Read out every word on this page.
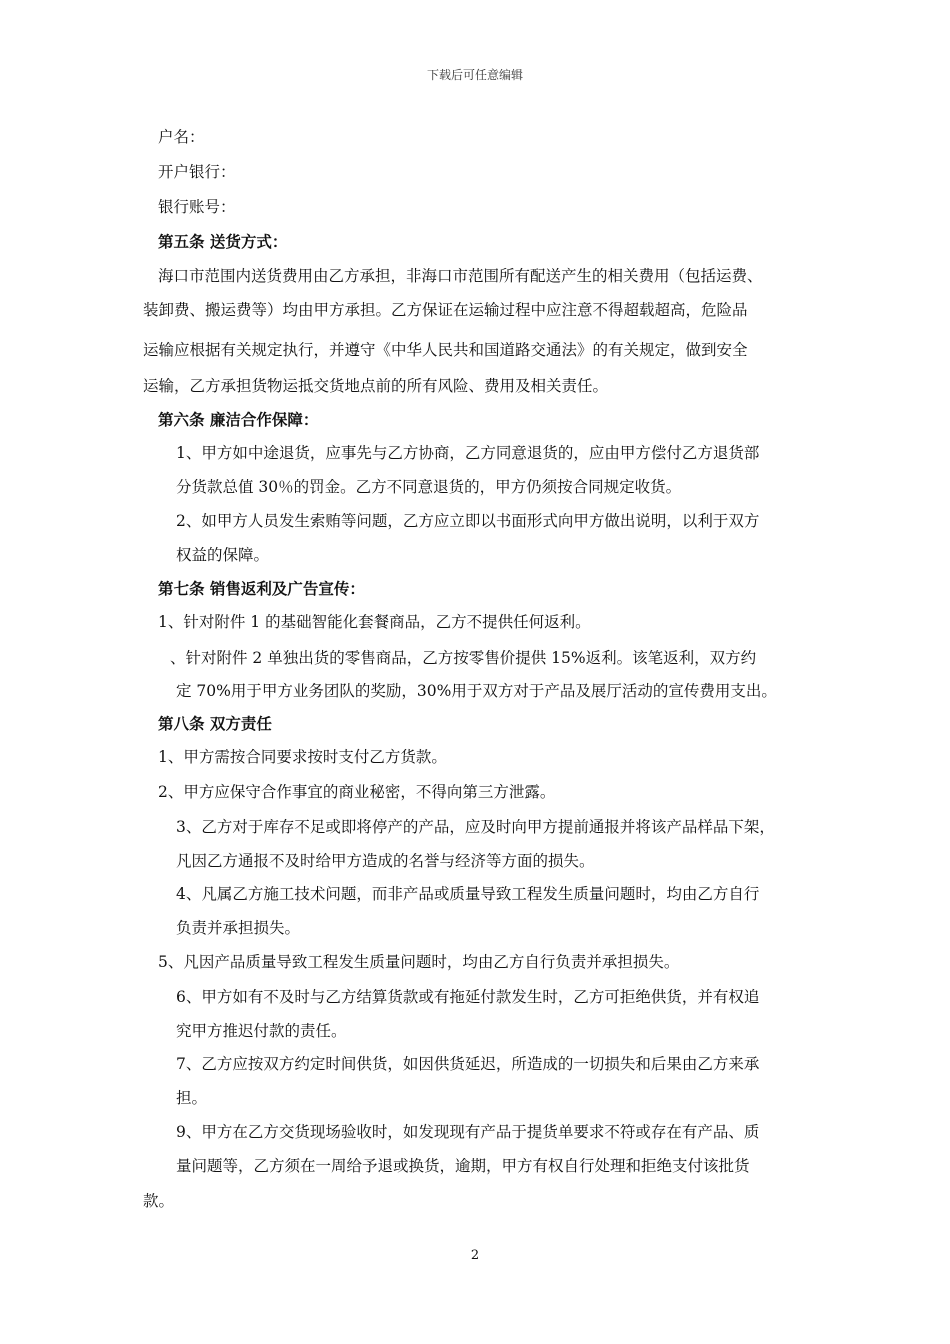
下载后可任意编辑
户名：
开户银行：
银行账号：
第五条 送货方式：
海口市范围内送货费用由乙方承担，非海口市范围所有配送产生的相关费用（包括运费、
装卸费、搬运费等）均由甲方承担。乙方保证在运输过程中应注意不得超载超高，危险品
运输应根据有关规定执行，并遵守《中华人民共和国道路交通法》的有关规定，做到安全
运输，乙方承担货物运抵交货地点前的所有风险、费用及相关责任。
第六条 廉洁合作保障：
1、甲方如中途退货，应事先与乙方协商，乙方同意退货的，应由甲方偿付乙方退货部
分货款总值 30％的罚金。乙方不同意退货的，甲方仍须按合同规定收货。
2、如甲方人员发生索贿等问题，乙方应立即以书面形式向甲方做出说明，以利于双方
权益的保障。
第七条 销售返利及广告宣传：
1、针对附件 1 的基础智能化套餐商品，乙方不提供任何返利。
、针对附件 2 单独出货的零售商品，乙方按零售价提供 15%返利。该笔返利，双方约
定 70%用于甲方业务团队的奖励，30%用于双方对于产品及展厅活动的宣传费用支出。
第八条 双方责任
1、甲方需按合同要求按时支付乙方货款。
2、甲方应保守合作事宜的商业秘密，不得向第三方泄露。
3、乙方对于库存不足或即将停产的产品，应及时向甲方提前通报并将该产品样品下架，
凡因乙方通报不及时给甲方造成的名誉与经济等方面的损失。
4、凡属乙方施工技术问题，而非产品或质量导致工程发生质量问题时，均由乙方自行
负责并承担损失。
5、凡因产品质量导致工程发生质量问题时，均由乙方自行负责并承担损失。
6、甲方如有不及时与乙方结算货款或有拖延付款发生时，乙方可拒绝供货，并有权追
究甲方推迟付款的责任。
7、乙方应按双方约定时间供货，如因供货延迟，所造成的一切损失和后果由乙方来承
担。
9、甲方在乙方交货现场验收时，如发现现有产品于提货单要求不符或存在有产品、质
量问题等，乙方须在一周给予退或换货，逾期，甲方有权自行处理和拒绝支付该批货
款。
2
